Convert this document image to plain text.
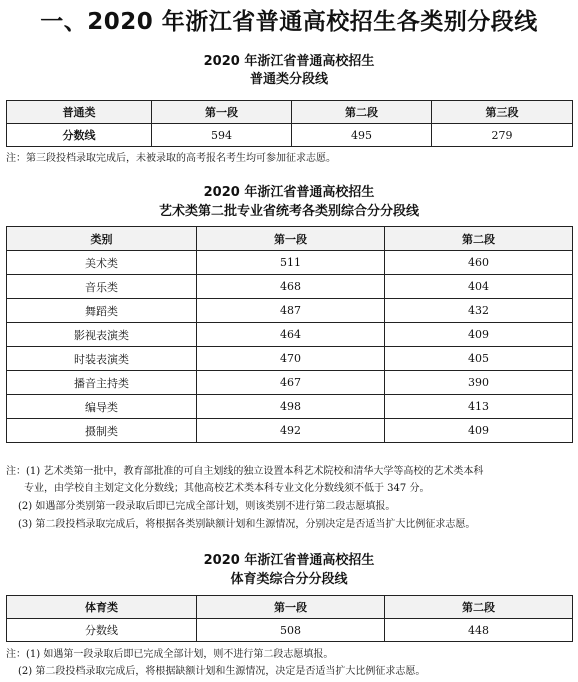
一、2020 年浙江省普通高校招生各类别分段线
2020 年浙江省普通高校招生
普通类分段线
普通类	第一段	第二段	第三段
分数线	594	495	279
注：第三段投档录取完成后，未被录取的高考报名考生均可参加征求志愿。
2020 年浙江省普通高校招生
艺术类第二批专业省统考各类别综合分分段线
类别	第一段	第二段
美术类	511	460
音乐类	468	404
舞蹈类	487	432
影视表演类	464	409
时装表演类	470	405
播音主持类	467	390
编导类	498	413
摄制类	492	409
注：(1) 艺术类第一批中，教育部批准的可自主划线的独立设置本科艺术院校和清华大学等高校的艺术类本科
专业，由学校自主划定文化分数线；其他高校艺术类本科专业文化分数线须不低于 347 分。
(2) 如遇部分类别第一段录取后即已完成全部计划，则该类别不进行第二段志愿填报。
(3) 第二段投档录取完成后，将根据各类别缺额计划和生源情况，分别决定是否适当扩大比例征求志愿。
2020 年浙江省普通高校招生
体育类综合分分段线
体育类	第一段	第二段
分数线	508	448
注：(1) 如遇第一段录取后即已完成全部计划，则不进行第二段志愿填报。
(2) 第二段投档录取完成后，将根据缺额计划和生源情况，决定是否适当扩大比例征求志愿。
